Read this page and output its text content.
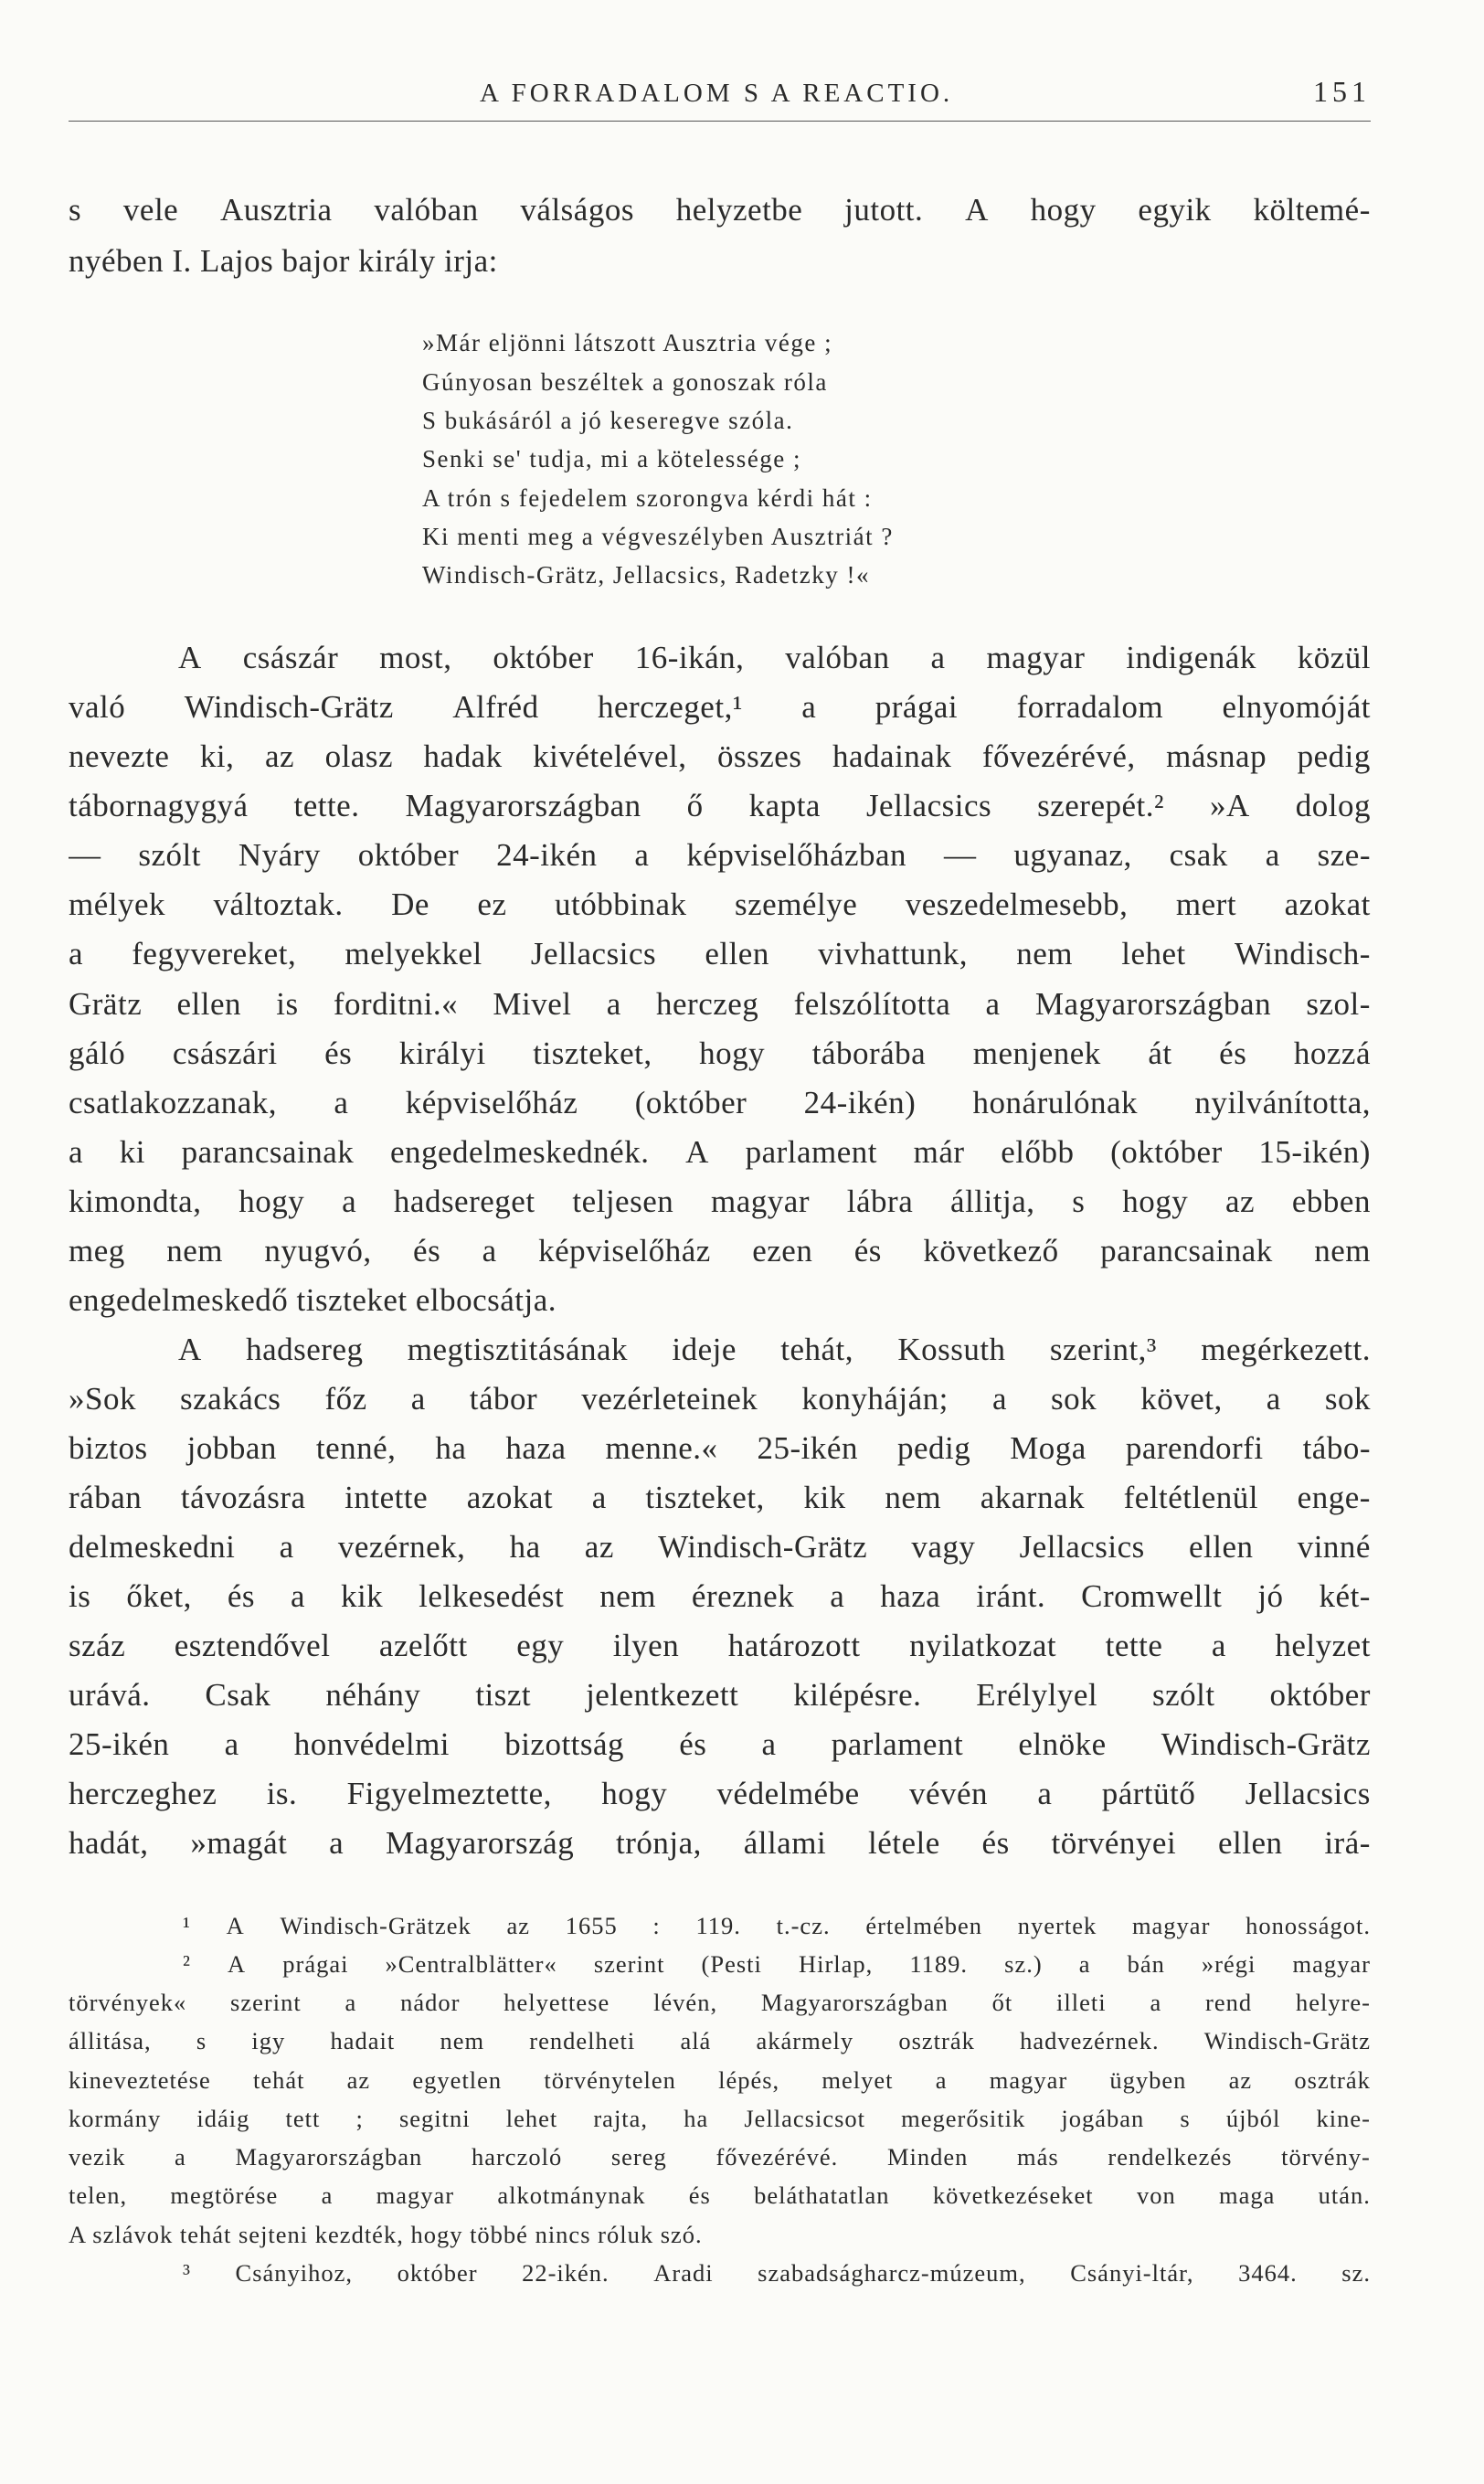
A FORRADALOM S A REACTIO.	151
s vele Ausztria valóban válságos helyzetbe jutott. A hogy egyik költemé-
nyében I. Lajos bajor király irja:
»Már eljönni látszott Ausztria vége ;
Gúnyosan beszéltek a gonoszak róla
S bukásáról a jó keseregve szóla.
Senki se' tudja, mi a kötelessége ;
A trón s fejedelem szorongva kérdi hát :
Ki menti meg a végveszélyben Ausztriát ?
Windisch-Grätz, Jellacsics, Radetzky !«
A császár most, október 16-ikán, valóban a magyar indigenák közül
való Windisch-Grätz Alfréd herczeget,¹ a prágai forradalom elnyomóját
nevezte ki, az olasz hadak kivételével, összes hadainak fővezérévé, másnap pedig
tábornagygyá tette. Magyarországban ő kapta Jellacsics szerepét.² »A dolog
— szólt Nyáry október 24-ikén a képviselőházban — ugyanaz, csak a sze-
mélyek változtak. De ez utóbbinak személye veszedelmesebb, mert azokat
a fegyvereket, melyekkel Jellacsics ellen vivhattunk, nem lehet Windisch-
Grätz ellen is forditni.« Mivel a herczeg felszólította a Magyarországban szol-
gáló császári és királyi tiszteket, hogy táborába menjenek át és hozzá
csatlakozzanak, a képviselőház (október 24-ikén) honárulónak nyilvánította,
a ki parancsainak engedelmeskednék. A parlament már előbb (október 15-ikén)
kimondta, hogy a hadsereget teljesen magyar lábra állitja, s hogy az ebben
meg nem nyugvó, és a képviselőház ezen és következő parancsainak nem
engedelmeskedő tiszteket elbocsátja.
A hadsereg megtisztitásának ideje tehát, Kossuth szerint,³ megérkezett.
»Sok szakács főz a tábor vezérleteinek konyháján; a sok követ, a sok
biztos jobban tenné, ha haza menne.« 25-ikén pedig Moga parendorfi tábo-
rában távozásra intette azokat a tiszteket, kik nem akarnak feltétlenül enge-
delmeskedni a vezérnek, ha az Windisch-Grätz vagy Jellacsics ellen vinné
is őket, és a kik lelkesedést nem éreznek a haza iránt. Cromwellt jó két-
száz esztendővel azelőtt egy ilyen határozott nyilatkozat tette a helyzet
urává. Csak néhány tiszt jelentkezett kilépésre. Erélylyel szólt október
25-ikén a honvédelmi bizottság és a parlament elnöke Windisch-Grätz
herczeghez is. Figyelmeztette, hogy védelmébe vévén a pártütő Jellacsics
hadát, »magát a Magyarország trónja, állami létele és törvényei ellen irá-
¹ A Windisch-Grätzek az 1655 : 119. t.-cz. értelmében nyertek magyar honosságot.
² A prágai »Centralblätter« szerint (Pesti Hirlap, 1189. sz.) a bán »régi magyar
törvények« szerint a nádor helyettese lévén, Magyarországban őt illeti a rend helyre-
állitása, s igy hadait nem rendelheti alá akármely osztrák hadvezérnek. Windisch-Grätz
kineveztetése tehát az egyetlen törvénytelen lépés, melyet a magyar ügyben az osztrák
kormány idáig tett ; segitni lehet rajta, ha Jellacsicsot megerősitik jogában s újból kine-
vezik a Magyarországban harczoló sereg fővezérévé. Minden más rendelkezés törvény-
telen, megtörése a magyar alkotmánynak és beláthatatlan következéseket von maga után.
A szlávok tehát sejteni kezdték, hogy többé nincs róluk szó.
³ Csányihoz, október 22-ikén. Aradi szabadságharcz-múzeum, Csányi-ltár, 3464. sz.
